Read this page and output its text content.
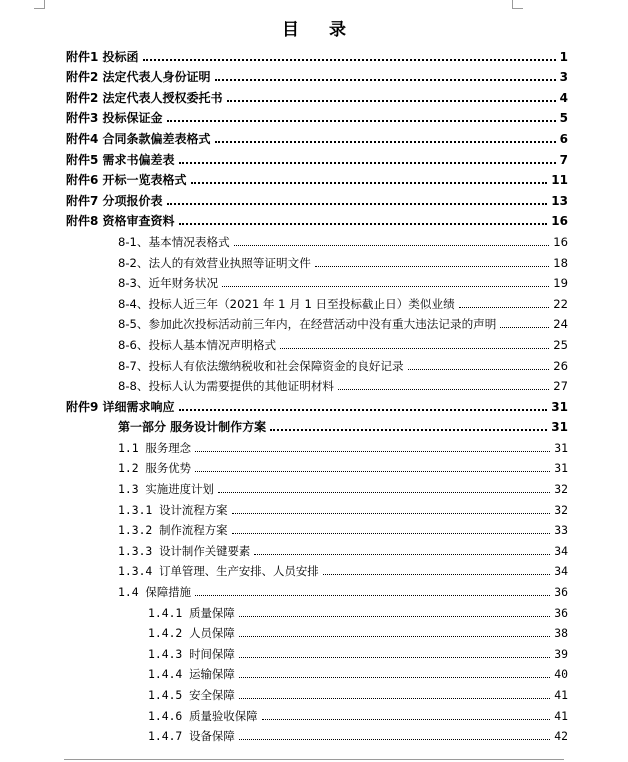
目 录
附件1 投标函	1
附件2 法定代表人身份证明	3
附件2 法定代表人授权委托书	4
附件3 投标保证金	5
附件4 合同条款偏差表格式	6
附件5 需求书偏差表	7
附件6 开标一览表格式	11
附件7 分项报价表	13
附件8 资格审查资料	16
8-1、基本情况表格式	16
8-2、法人的有效营业执照等证明文件	18
8-3、近年财务状况	19
8-4、投标人近三年（2021 年 1 月 1 日至投标截止日）类似业绩	22
8-5、参加此次投标活动前三年内，在经营活动中没有重大违法记录的声明	24
8-6、投标人基本情况声明格式	25
8-7、投标人有依法缴纳税收和社会保障资金的良好记录	26
8-8、投标人认为需要提供的其他证明材料	27
附件9 详细需求响应	31
第一部分 服务设计制作方案	31
1.1 服务理念	31
1.2 服务优势	31
1.3 实施进度计划	32
1.3.1 设计流程方案	32
1.3.2 制作流程方案	33
1.3.3 设计制作关键要素	34
1.3.4 订单管理、生产安排、人员安排	34
1.4 保障措施	36
1.4.1 质量保障	36
1.4.2 人员保障	38
1.4.3 时间保障	39
1.4.4 运输保障	40
1.4.5 安全保障	41
1.4.6 质量验收保障	41
1.4.7 设备保障	42
